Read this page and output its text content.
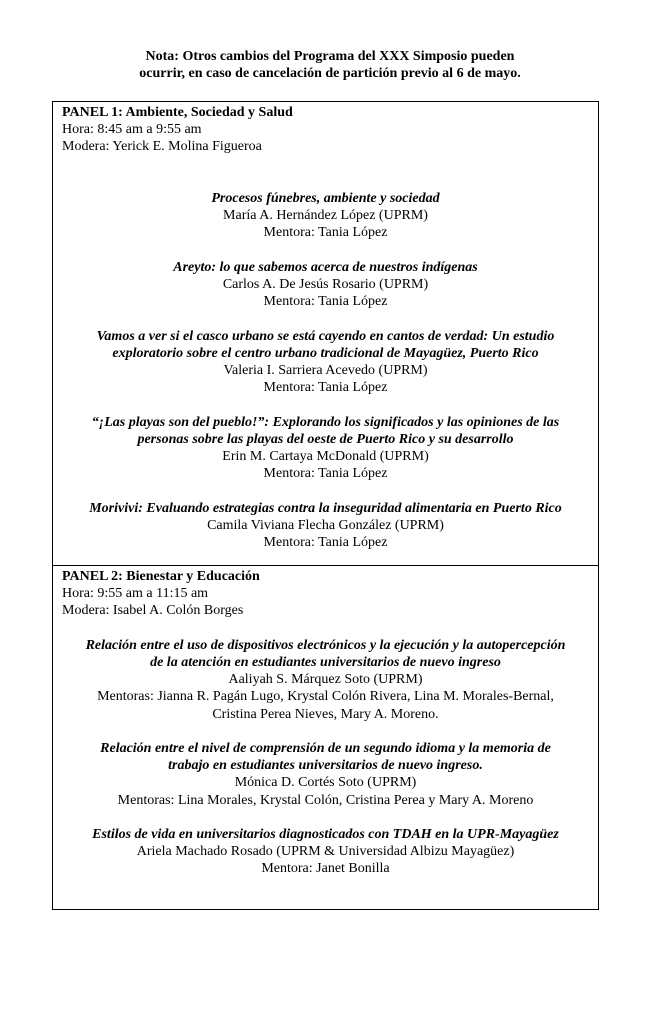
Nota: Otros cambios del Programa del XXX Simposio pueden
ocurrir, en caso de cancelación de partición previo al 6 de mayo.
PANEL 1: Ambiente, Sociedad y Salud
Hora: 8:45 am a 9:55 am
Modera: Yerick E. Molina Figueroa
Procesos fúnebres, ambiente y sociedad
María A. Hernández López (UPRM)
Mentora: Tania López
Areyto: lo que sabemos acerca de nuestros indígenas
Carlos A. De Jesús Rosario (UPRM)
Mentora: Tania López
Vamos a ver si el casco urbano se está cayendo en cantos de verdad: Un estudio
exploratorio sobre el centro urbano tradicional de Mayagüez, Puerto Rico
Valeria I. Sarriera Acevedo (UPRM)
Mentora: Tania López
“¡Las playas son del pueblo!”: Explorando los significados y las opiniones de las
personas sobre las playas del oeste de Puerto Rico y su desarrollo
Erin M. Cartaya McDonald (UPRM)
Mentora: Tania López
Morivivi: Evaluando estrategias contra la inseguridad alimentaria en Puerto Rico
Camila Viviana Flecha González (UPRM)
Mentora: Tania López
PANEL 2: Bienestar y Educación
Hora: 9:55 am a 11:15 am
Modera: Isabel A. Colón Borges
Relación entre el uso de dispositivos electrónicos y la ejecución y la autopercepción
de la atención en estudiantes universitarios de nuevo ingreso
Aaliyah S. Márquez Soto (UPRM)
Mentoras: Jianna R. Pagán Lugo, Krystal Colón Rivera, Lina M. Morales-Bernal,
Cristina Perea Nieves, Mary A. Moreno.
Relación entre el nivel de comprensión de un segundo idioma y la memoria de
trabajo en estudiantes universitarios de nuevo ingreso.
Mónica D. Cortés Soto (UPRM)
Mentoras: Lina Morales, Krystal Colón, Cristina Perea y Mary A. Moreno
Estilos de vida en universitarios diagnosticados con TDAH en la UPR-Mayagüez
Ariela Machado Rosado (UPRM & Universidad Albizu Mayagüez)
Mentora: Janet Bonilla
